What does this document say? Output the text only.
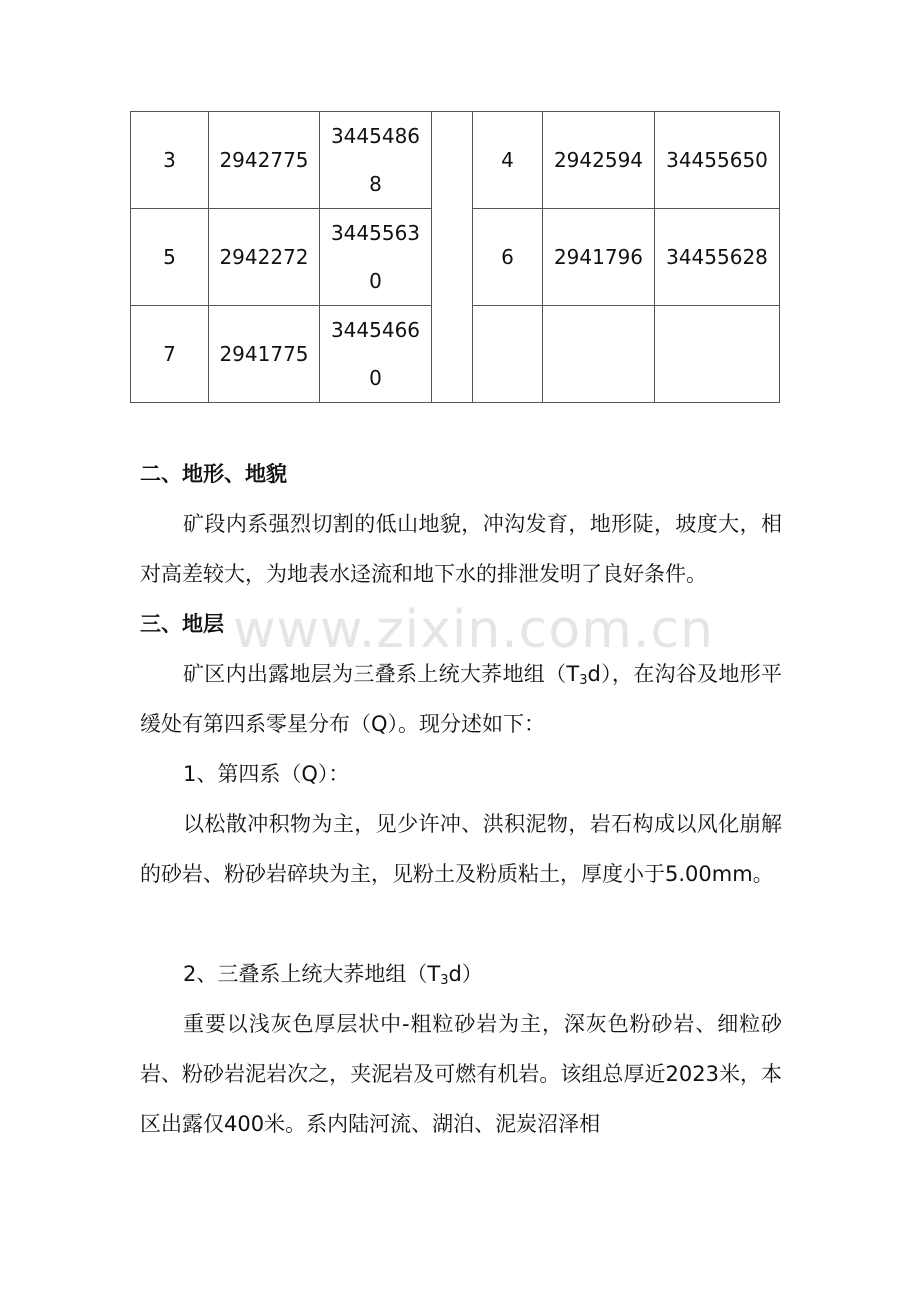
3	2942775	34454868		4	2942594	34455650
5	2942272	34455630		6	2941796	34455628
7	2941775	34454660				

二、地形、地貌

矿段内系强烈切割的低山地貌，冲沟发育，地形陡，坡度大，相对高差较大，为地表水迳流和地下水的排泄发明了良好条件。

三、地层

矿区内出露地层为三叠系上统大荞地组$(T_3d)$，在沟谷及地形平缓处有第四系零星分布（Q）。现分述如下：

1、第四系（Q）：

以松散冲积物为主，见少许冲、洪积泥物，岩石构成以风化崩解的砂岩、粉砂岩碎块为主，见粉土及粉质粘土，厚度小于5.00mm。

2、三叠系上统大荞地组$(T_3d)$

重要以浅灰色厚层状中-粗粒砂岩为主，深灰色粉砂岩、细粒砂岩、粉砂岩泥岩次之，夹泥岩及可燃有机岩。该组总厚近2023米，本区出露仅400米。系内陆河流、湖泊、泥炭沼泽相

www.zixin.com.cn
